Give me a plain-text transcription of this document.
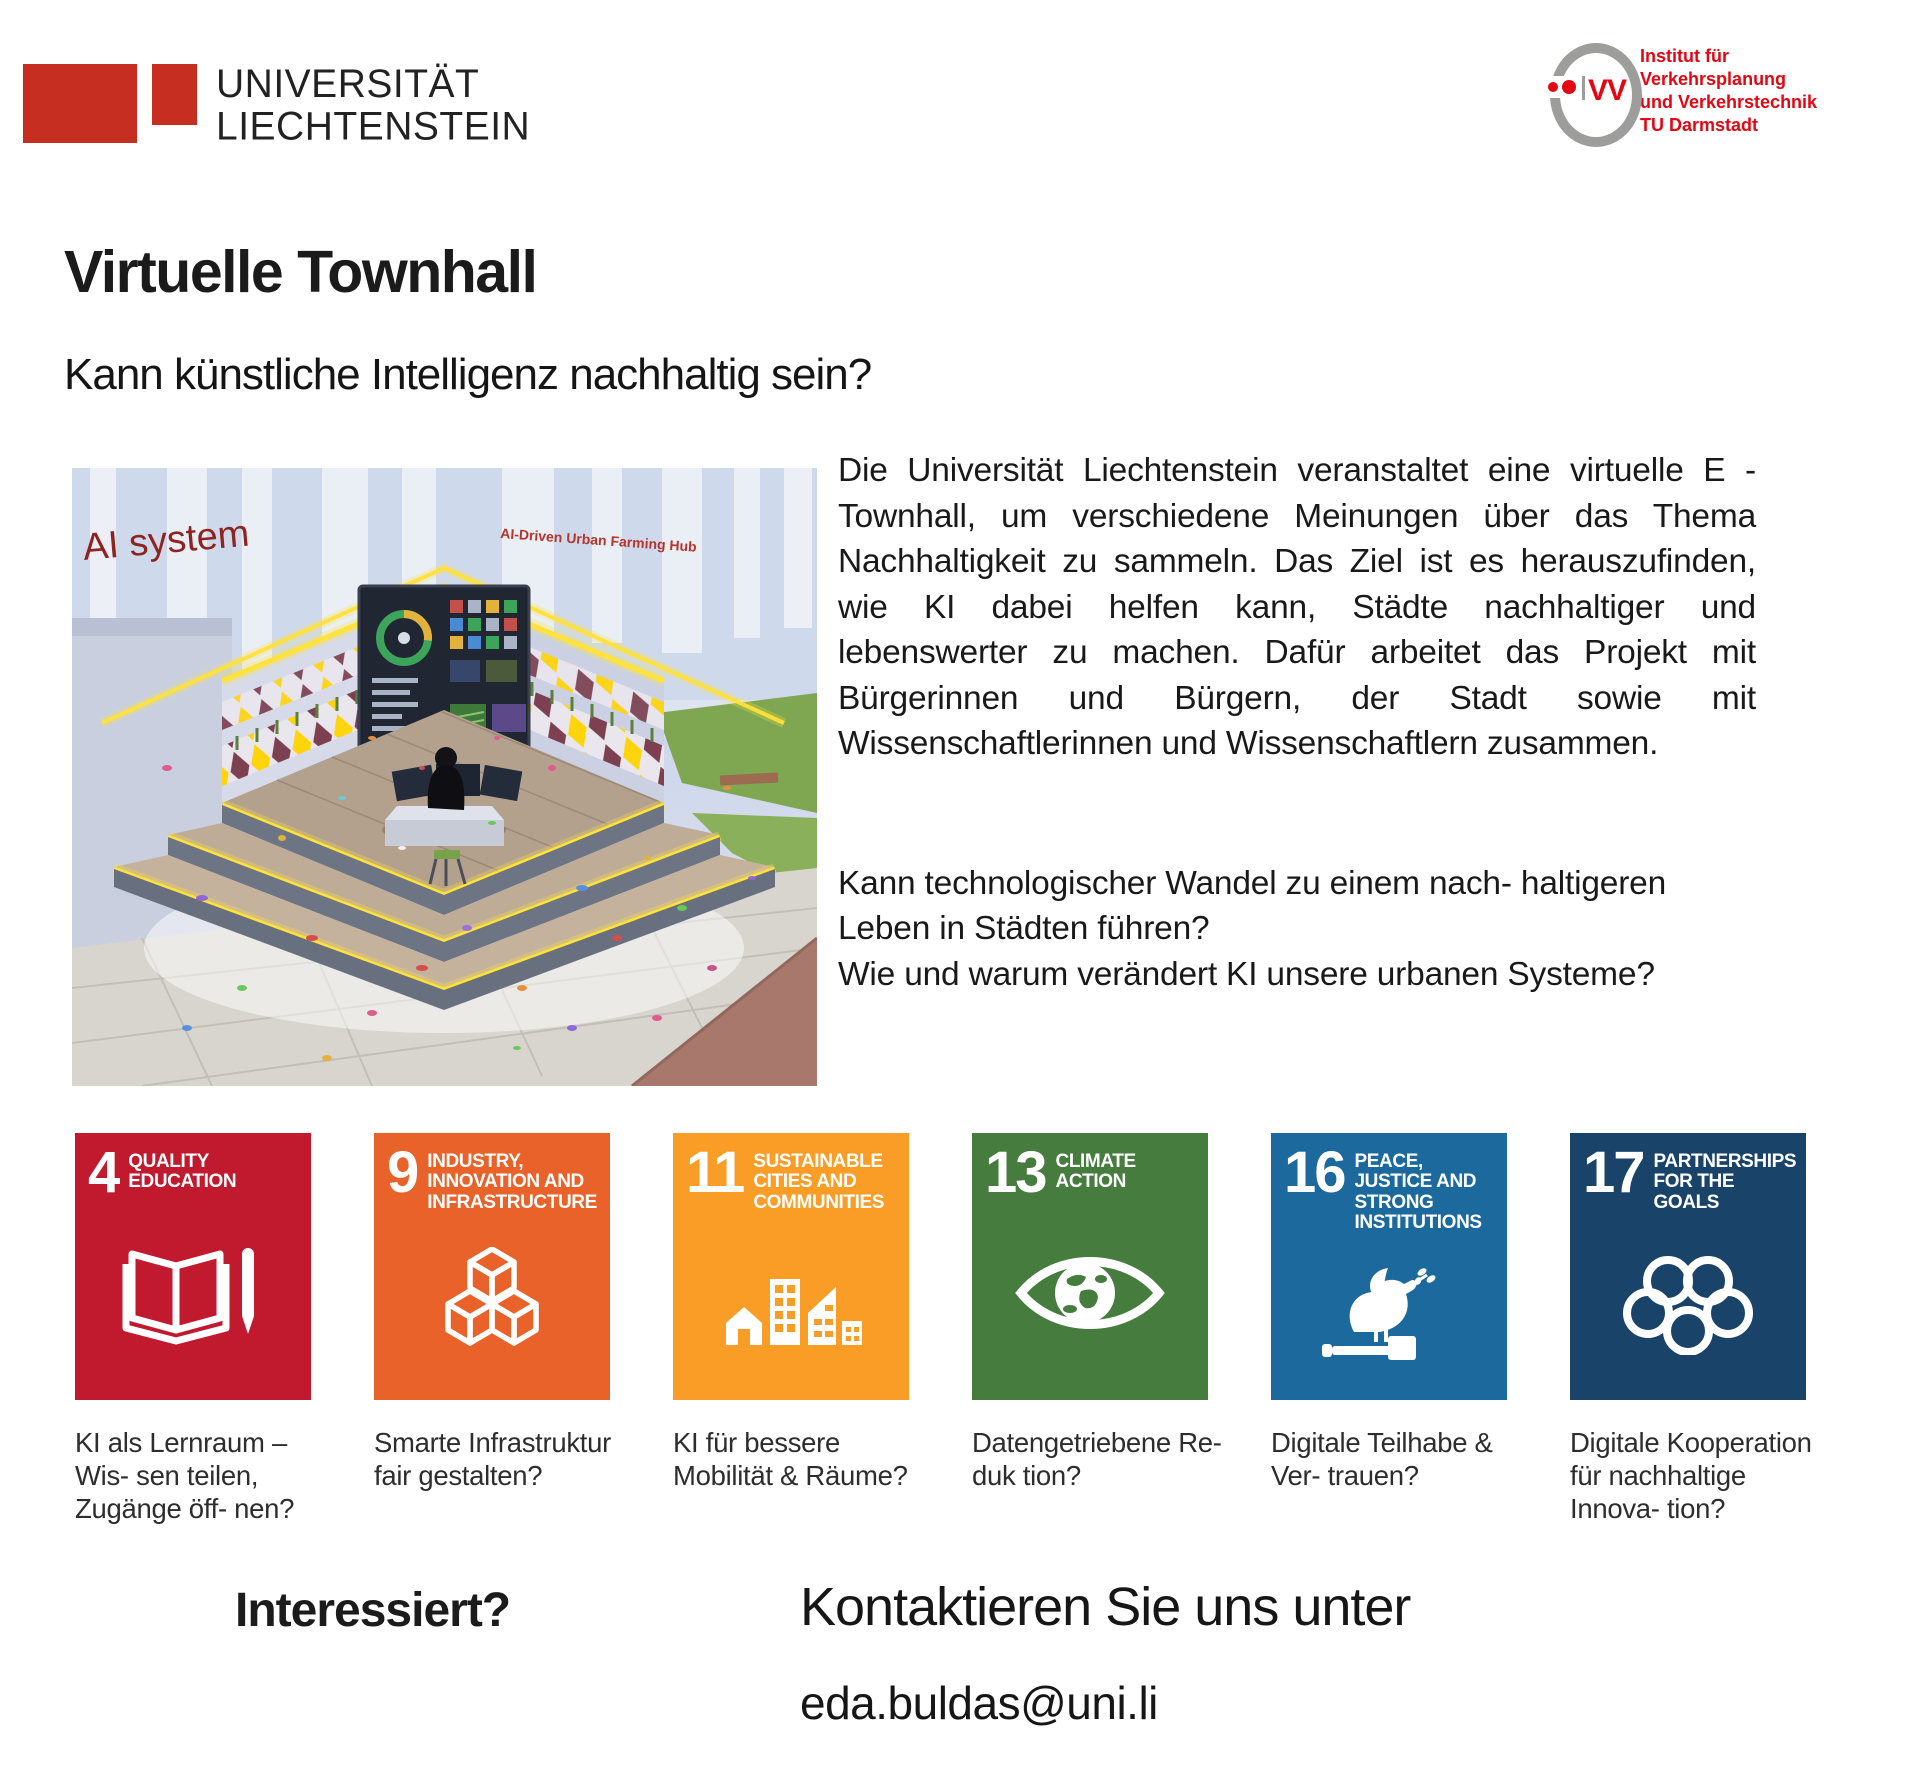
UNIVERSITÄT
LIECHTENSTEIN
VV
Institut für
Verkehrsplanung
und Verkehrstechnik
TU Darmstadt
Virtuelle Townhall
Kann künstliche Intelligenz nachhaltig sein?
AI system	AI-Driven Urban Farming Hub

Die Universität Liechtenstein veranstaltet eine virtuelle E - Townhall, um verschiedene Meinungen über das Thema Nachhaltigkeit zu sammeln. Das Ziel ist es herauszufinden, wie KI dabei helfen kann, Städte nachhaltiger und lebenswerter zu machen. Dafür arbeitet das Projekt mit Bürgerinnen und Bürgern, der Stadt sowie mit Wissenschaftlerinnen und Wissenschaftlern zusammen.

Kann technologischer Wandel zu einem nach- haltigeren Leben in Städten führen?

Wie und warum verändert KI unsere urbanen Systeme?

4 QUALITY EDUCATION
KI als Lernraum – Wis- sen teilen, Zugänge öff- nen?
9 INDUSTRY, INNOVATION AND INFRASTRUCTURE
Smarte Infrastruktur fair gestalten?
11 SUSTAINABLE CITIES AND COMMUNITIES
KI für bessere Mobilität & Räume?
13 CLIMATE ACTION
Datengetriebene Re- duk tion?
16 PEACE, JUSTICE AND STRONG INSTITUTIONS
Digitale Teilhabe & Ver- trauen?
17 PARTNERSHIPS FOR THE GOALS
Digitale Kooperation für nachhaltige Innova- tion?
Interessiert?	Kontaktieren Sie uns unter
eda.buldas@uni.li
